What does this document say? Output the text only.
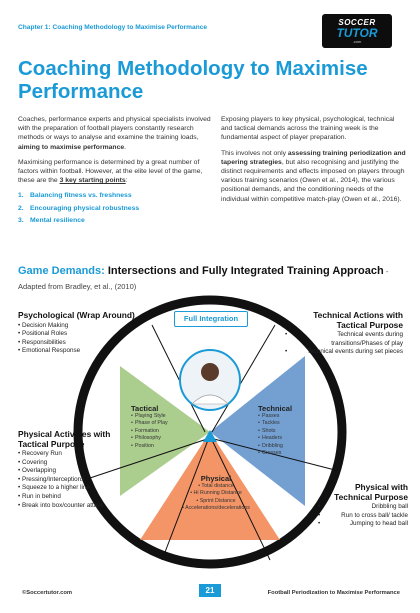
Chapter 1: Coaching Methodology to Maximise Performance
SOCCER
TUTOR
.com
Coaching Methodology to Maximise Performance

Coaches, performance experts and physical specialists involved with the preparation of football players constantly research methods or ways to analyse and examine the training loads, aiming to maximise performance.

Maximising performance is determined by a great number of factors within football. However, at the elite level of the game, these are the 3 key starting points:

1. Balancing fitness vs. freshness
2. Encouraging physical robustness
3. Mental resilience

Exposing players to key physical, psychological, technical and tactical demands across the training week is the fundamental aspect of player preparation.

This involves not only assessing training periodization and tapering strategies, but also recognising and justifying the distinct requirements and effects imposed on players through various training scenarios (Owen et al., 2014), the various positional demands, and the conditioning needs of the individual within competitive match-play (Owen et al., 2016).

Game Demands: Intersections and Fully Integrated Training Approach - Adapted from Bradley, et al., (2010)
Full Integration
Psychological (Wrap Around)
• Decision Making
• Positional Roles
• Responsibilities
• Emotional Response
Technical Actions with Tactical Purpose
• Technical events during transitions/Phases of play
• Technical events during set pieces
Physical Activities with Tactical Purpose
• Recovery Run
• Covering
• Overlapping
• Pressing/Interceptions
• Squeeze to a higher line
• Run in behind
• Break into box/counter attack
Physical with Technical Purpose
• Dribbling ball
• Run to cross ball/ tackle
• Jumping to head ball
Tactical
• Playing Style
• Phase of Play
• Formation
• Philosophy
• Position
Technical
• Passes
• Tackles
• Shots
• Headers
• Dribbling
• Crosses
Physical
• Total distance
• Hi Running Distance
• Sprint Distance
• Accelerations/decelerations
©Soccertutor.com	21	Football Periodization to Maximise Performance
